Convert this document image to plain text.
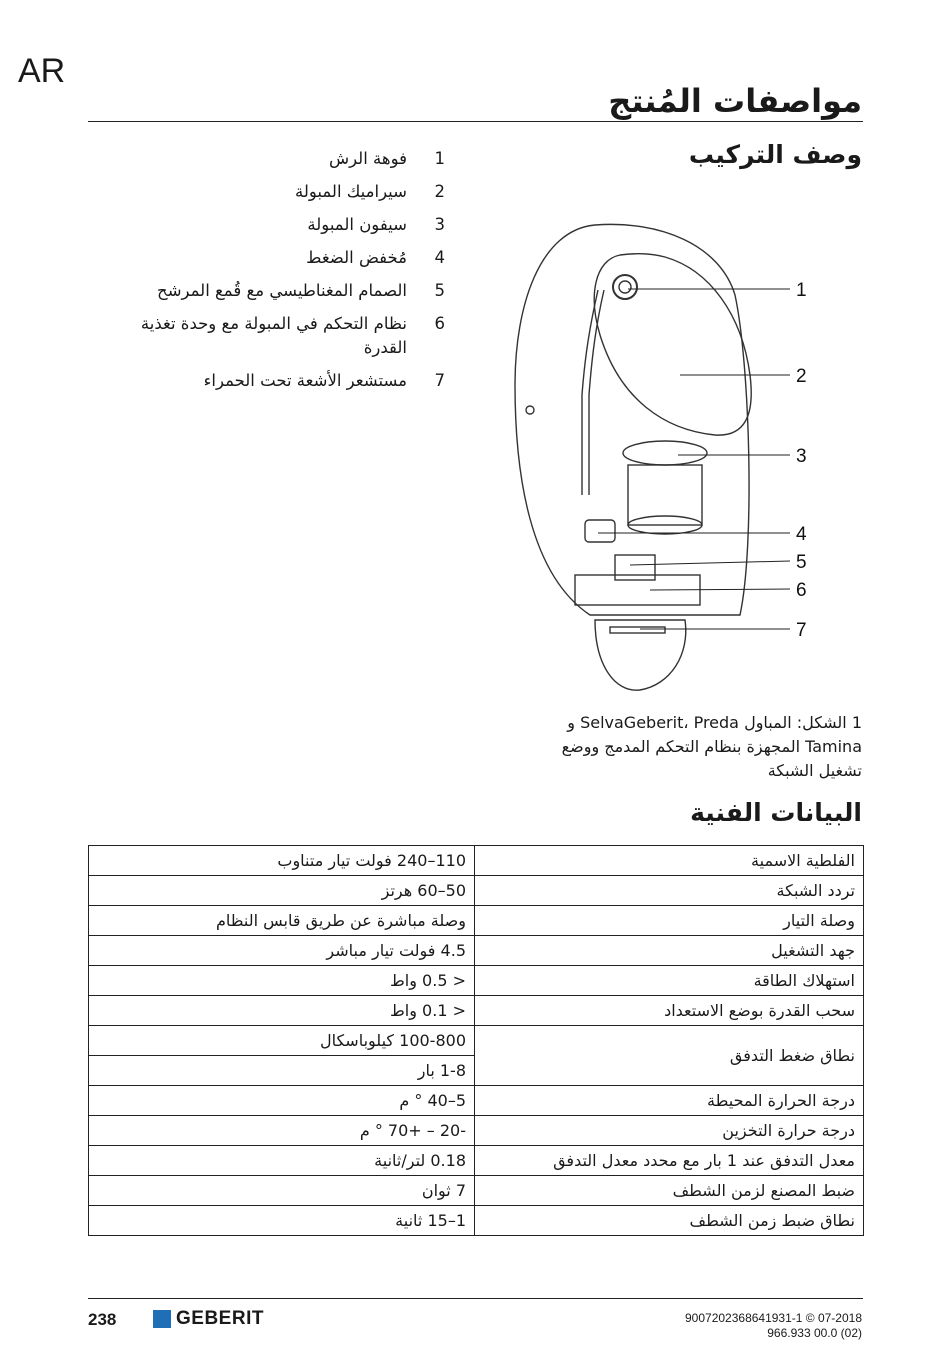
AR
مواصفات المُنتج
وصف التركيب
1
فوهة الرش
2
سيراميك المبولة
3
سيفون المبولة
4
مُخفض الضغط
5
الصمام المغناطيسي مع قُمع المرشح
6
نظام التحكم في المبولة مع وحدة تغذية القدرة
7
مستشعر الأشعة تحت الحمراء
1
2
3
4
5
6
7
1 الشكل: المباول SelvaGeberit، Preda و Tamina المجهزة بنظام التحكم المدمج ووضع تشغيل الشبكة
البيانات الفنية
الفلطية الاسمية	110–240 فولت تيار متناوب
تردد الشبكة	50–60 هرتز
وصلة التيار	وصلة مباشرة عن طريق قابس النظام
جهد التشغيل	4.5 فولت تيار مباشر
استهلاك الطاقة	< 0.5 واط
سحب القدرة بوضع الاستعداد	< 0.1 واط
نطاق ضغط التدفق	100-800 كيلوباسكال
	1-8 بار
درجة الحرارة المحيطة	5–40 ° م
درجة حرارة التخزين	-20 – +70 ° م
معدل التدفق عند 1 بار مع محدد معدل التدفق	0.18 لتر/ثانية
ضبط المصنع لزمن الشطف	7 ثوان
نطاق ضبط زمن الشطف	1–15 ثانية
238	GEBERIT	9007202368641931-1 © 07-2018
966.933 00.0 (02)
